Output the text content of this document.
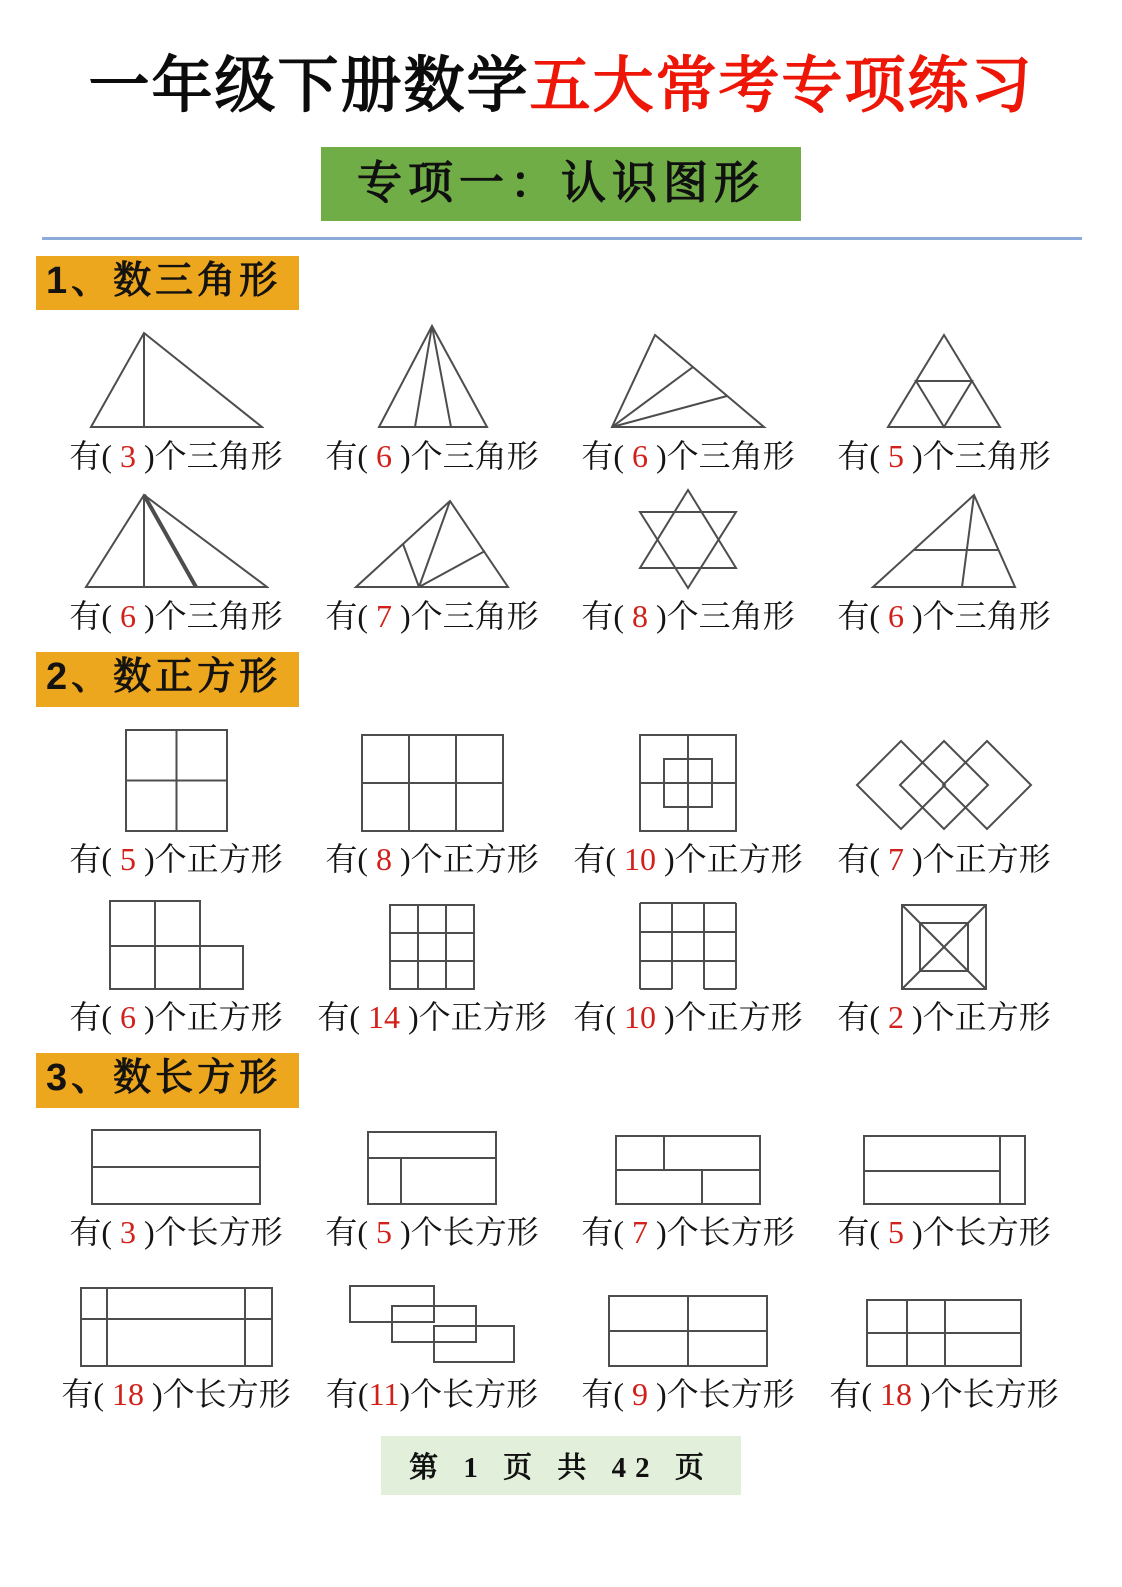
一年级下册数学五大常考专项练习
专项一：认识图形
1、数三角形
有( 3 )个三角形	有( 6 )个三角形	有( 6 )个三角形	有( 5 )个三角形
有( 6 )个三角形	有( 7 )个三角形	有( 8 )个三角形	有( 6 )个三角形
2、数正方形
有( 5 )个正方形	有( 8 )个正方形	有( 10 )个正方形	有( 7 )个正方形
有( 6 )个正方形	有( 14 )个正方形 有( 10 )个正方形	有( 2 )个正方形
3、数长方形
有( 3 )个长方形	有( 5 )个长方形	有( 7 )个长方形	有( 5 )个长方形
有( 18 )个长方形	有(11)个长方形	有( 9 )个长方形	有( 18 )个长方形
第 1 页 共 42 页
